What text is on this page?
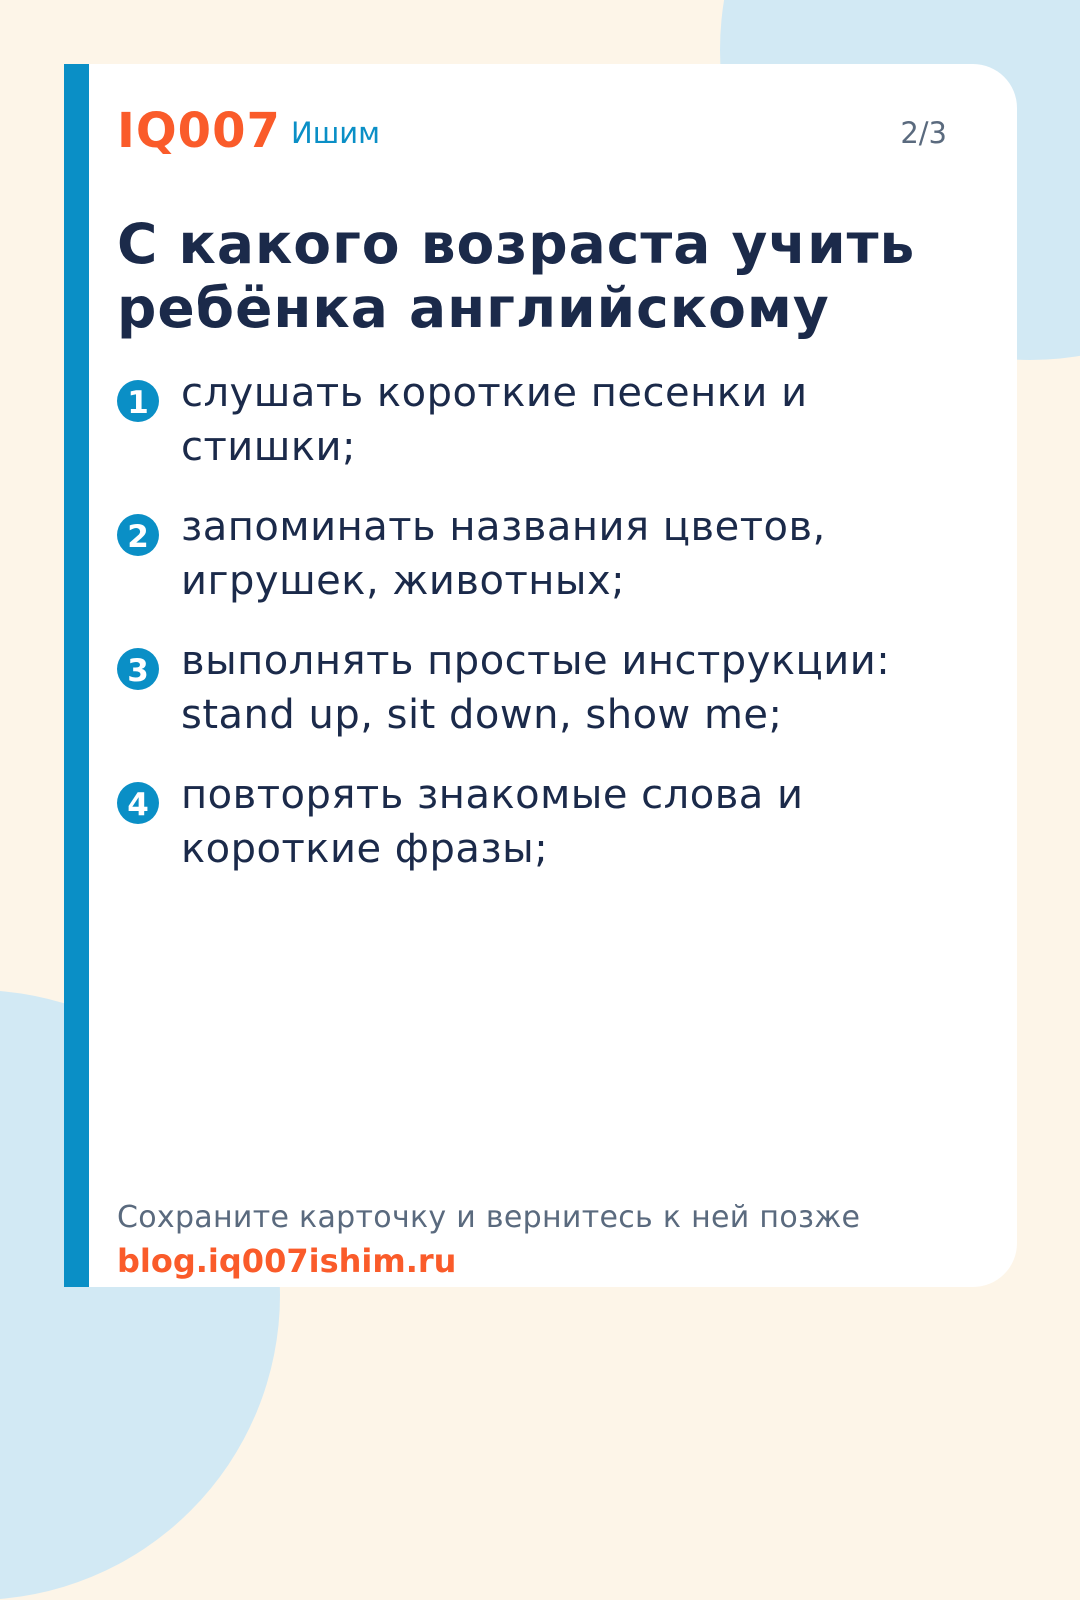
IQ007 Ишим	2/3
С какого возраста учить ребёнка английскому
1 слушать короткие песенки и стишки;
2 запоминать названия цветов, игрушек, животных;
3 выполнять простые инструкции: stand up, sit down, show me;
4 повторять знакомые слова и короткие фразы;
Сохраните карточку и вернитесь к ней позже
blog.iq007ishim.ru
